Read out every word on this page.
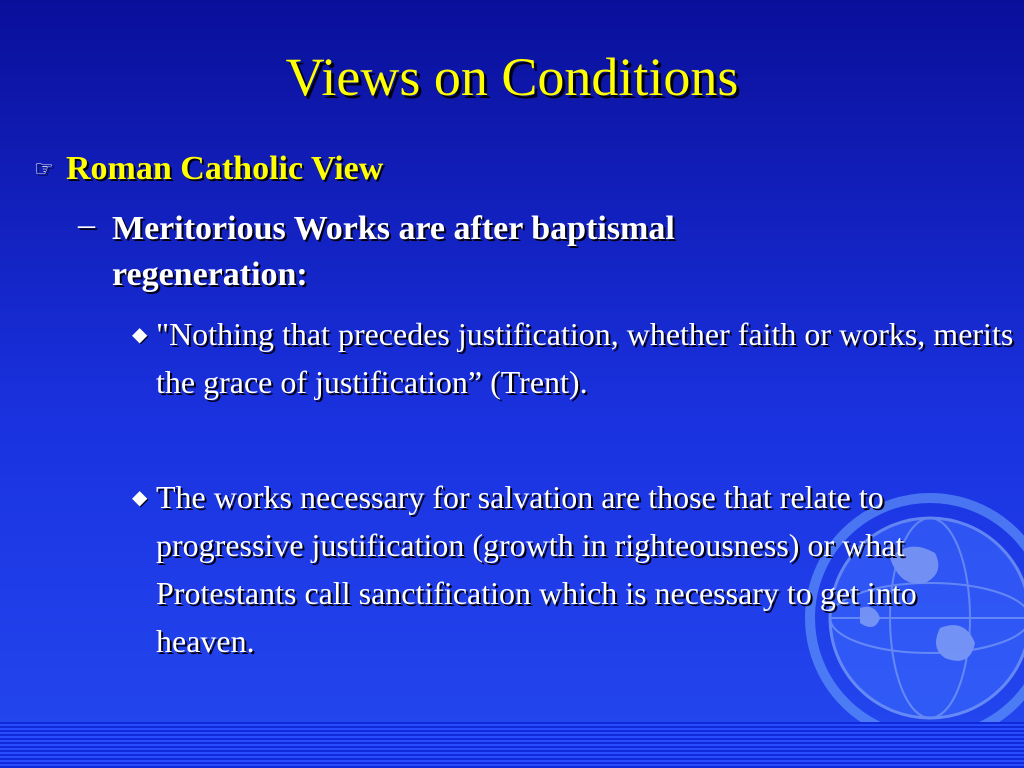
Views on Conditions
☞ Roman Catholic View
– Meritorious Works are after baptismal regeneration:
◆ "Nothing that precedes justification, whether faith or works, merits the grace of justification” (Trent).
◆ The works necessary for salvation are those that relate to progressive justification (growth in righteousness) or what Protestants call sanctification which is necessary to get into heaven.
